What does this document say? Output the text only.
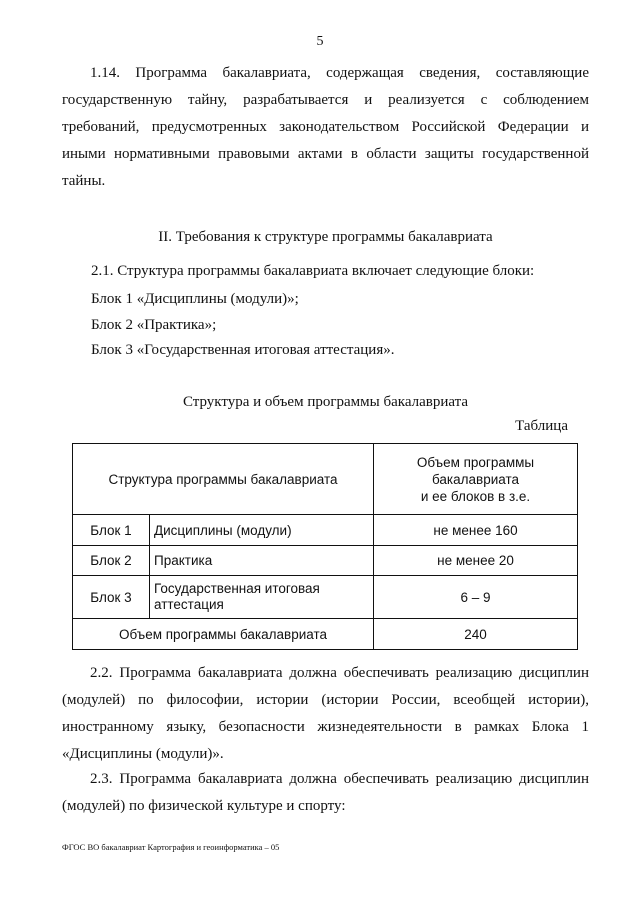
5
1.14. Программа бакалавриата, содержащая сведения, составляющие государственную тайну, разрабатывается и реализуется с соблюдением требований, предусмотренных законодательством Российской Федерации и иными нормативными правовыми актами в области защиты государственной тайны.
II. Требования к структуре программы бакалавриата
2.1. Структура программы бакалавриата включает следующие блоки:
Блок 1 «Дисциплины (модули)»;
Блок 2 «Практика»;
Блок 3 «Государственная итоговая аттестация».
Структура и объем программы бакалавриата
Таблица
Структура программы бакалавриата		Объем программы
бакалавриата
и ее блоков в з.е.
Блок 1	Дисциплины (модули)	не менее 160
Блок 2	Практика	не менее 20
Блок 3	Государственная итоговая аттестация	6 – 9
Объем программы бакалавриата		240
2.2. Программа бакалавриата должна обеспечивать реализацию дисциплин (модулей) по философии, истории (истории России, всеобщей истории), иностранному языку, безопасности жизнедеятельности в рамках Блока 1 «Дисциплины (модули)».
2.3. Программа бакалавриата должна обеспечивать реализацию дисциплин (модулей) по физической культуре и спорту:
ФГОС ВО бакалавриат Картография и геоинформатика – 05
